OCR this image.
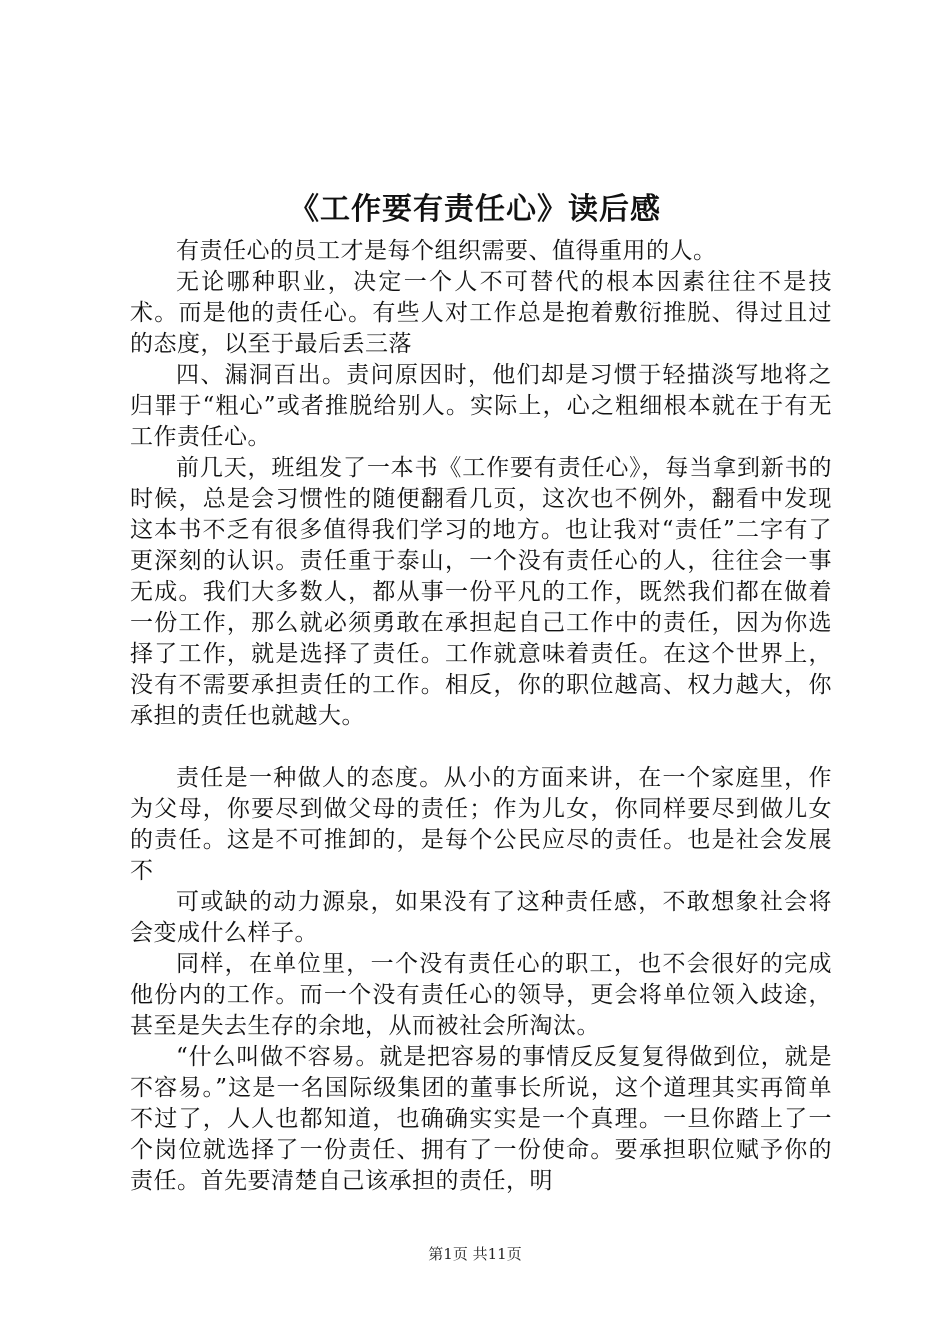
《工作要有责任心》读后感

有责任心的员工才是每个组织需要、值得重用的人。

无论哪种职业，决定一个人不可替代的根本因素往往不是技术。而是他的责任心。有些人对工作总是抱着敷衍推脱、得过且过的态度，以至于最后丢三落

四、漏洞百出。责问原因时，他们却是习惯于轻描淡写地将之归罪于“粗心”或者推脱给别人。实际上，心之粗细根本就在于有无工作责任心。

前几天，班组发了一本书《工作要有责任心》，每当拿到新书的时候，总是会习惯性的随便翻看几页，这次也不例外，翻看中发现这本书不乏有很多值得我们学习的地方。也让我对“责任”二字有了更深刻的认识。责任重于泰山，一个没有责任心的人，往往会一事无成。我们大多数人，都从事一份平凡的工作，既然我们都在做着一份工作，那么就必须勇敢在承担起自己工作中的责任，因为你选择了工作，就是选择了责任。工作就意味着责任。在这个世界上，没有不需要承担责任的工作。相反，你的职位越高、权力越大，你承担的责任也就越大。

责任是一种做人的态度。从小的方面来讲，在一个家庭里，作为父母，你要尽到做父母的责任；作为儿女，你同样要尽到做儿女的责任。这是不可推卸的，是每个公民应尽的责任。也是社会发展不

可或缺的动力源泉，如果没有了这种责任感，不敢想象社会将会变成什么样子。

同样，在单位里，一个没有责任心的职工，也不会很好的完成他份内的工作。而一个没有责任心的领导，更会将单位领入歧途，甚至是失去生存的余地，从而被社会所淘汰。

“什么叫做不容易。就是把容易的事情反反复复得做到位，就是不容易。”这是一名国际级集团的董事长所说，这个道理其实再简单不过了，人人也都知道，也确确实实是一个真理。一旦你踏上了一个岗位就选择了一份责任、拥有了一份使命。要承担职位赋予你的责任。首先要清楚自己该承担的责任，明

第1页 共11页
